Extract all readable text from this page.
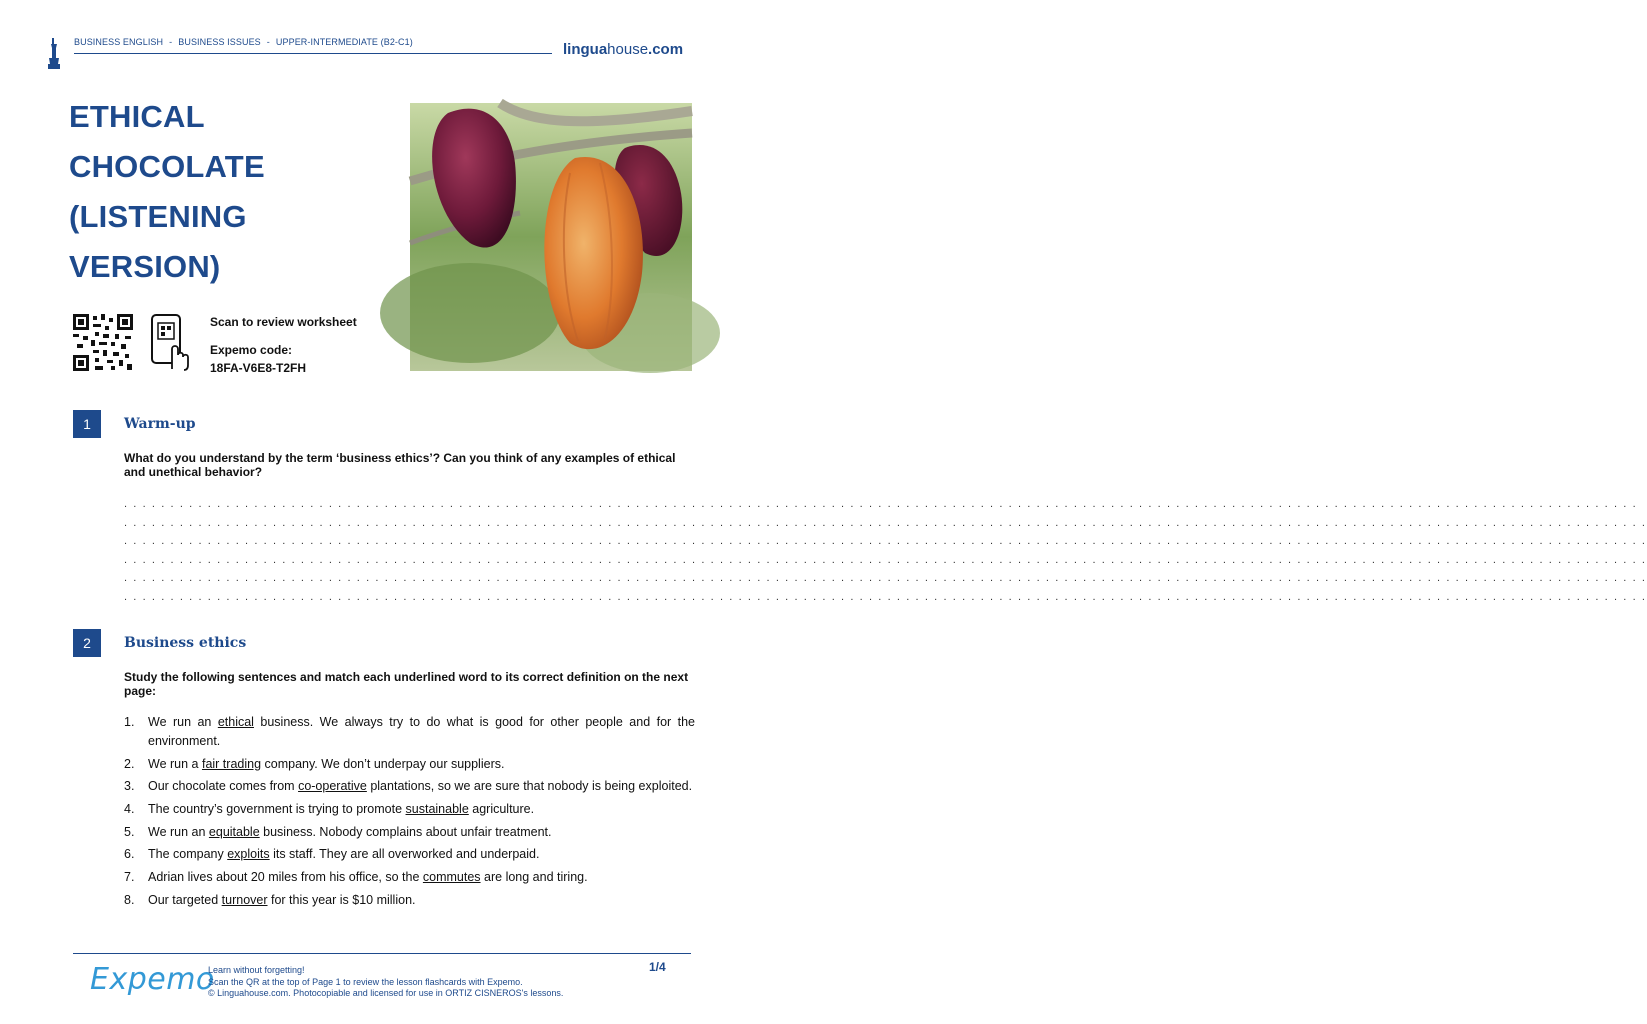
BUSINESS ENGLISH - BUSINESS ISSUES - UPPER-INTERMEDIATE (B2-C1)	linguahouse.com
ETHICAL
CHOCOLATE
(LISTENING
VERSION)
Scan to review worksheet
Expemo code:
18FA-V6E8-T2FH
1	Warm-up
What do you understand by the term ‘business ethics’? Can you think of any examples of ethical and unethical behavior?
. . . . . . . . . . . . . . . . . . . . . . . . . . . . . . . . . . . . . . . . . . . . . . . . . . . . . . . . . . . . . . . . . . . . . . . . . . . . . . . . . . . . . . . . . . . . . . . . . . . . . . . . . . . . . . . . . . . . . . . . . . . . . . . . . . . . . . . . . . . . . . . . . . . . . . . . . . . . . . . . . . .
. . . . . . . . . . . . . . . . . . . . . . . . . . . . . . . . . . . . . . . . . . . . . . . . . . . . . . . . . . . . . . . . . . . . . . . . . . . . . . . . . . . . . . . . . . . . . . . . . . . . . . . . . . . . . . . . . . . . . . . . . . . . . . . . . . . . . . . . . . . . . . . . . . . . . . . . . . . . . . . . . . . .
. . . . . . . . . . . . . . . . . . . . . . . . . . . . . . . . . . . . . . . . . . . . . . . . . . . . . . . . . . . . . . . . . . . . . . . . . . . . . . . . . . . . . . . . . . . . . . . . . . . . . . . . . . . . . . . . . . . . . . . . . . . . . . . . . . . . . . . . . . . . . . . . . . . . . . . . . . . . . . . . . . . .
. . . . . . . . . . . . . . . . . . . . . . . . . . . . . . . . . . . . . . . . . . . . . . . . . . . . . . . . . . . . . . . . . . . . . . . . . . . . . . . . . . . . . . . . . . . . . . . . . . . . . . . . . . . . . . . . . . . . . . . . . . . . . . . . . . . . . . . . . . . . . . . . . . . . . . . . . . . . . . . . . . . .
. . . . . . . . . . . . . . . . . . . . . . . . . . . . . . . . . . . . . . . . . . . . . . . . . . . . . . . . . . . . . . . . . . . . . . . . . . . . . . . . . . . . . . . . . . . . . . . . . . . . . . . . . . . . . . . . . . . . . . . . . . . . . . . . . . . . . . . . . . . . . . . . . . . . . . . . . . . . . . . . . . . .
. . . . . . . . . . . . . . . . . . . . . . . . . . . . . . . . . . . . . . . . . . . . . . . . . . . . . . . . . . . . . . . . . . . . . . . . . . . . . . . . . . . . . . . . . . . . . . . . . . . . . . . . . . . . . . . . . . . . . . . . . . . . . . . . . . . . . . . . . . . . . . . . . . . . . . . . . . . . . . . . . . . .
2	Business ethics
Study the following sentences and match each underlined word to its correct definition on the next page:
1. We run an ethical business. We always try to do what is good for other people and for the environment.
2. We run a fair trading company. We don’t underpay our suppliers.
3. Our chocolate comes from co-operative plantations, so we are sure that nobody is being exploited.
4. The country’s government is trying to promote sustainable agriculture.
5. We run an equitable business. Nobody complains about unfair treatment.
6. The company exploits its staff. They are all overworked and underpaid.
7. Adrian lives about 20 miles from his office, so the commutes are long and tiring.
8. Our targeted turnover for this year is $10 million.
Expemo
Learn without forgetting!
Scan the QR at the top of Page 1 to review the lesson flashcards with Expemo.
© Linguahouse.com. Photocopiable and licensed for use in ORTIZ CISNEROS's lessons.
1/4
